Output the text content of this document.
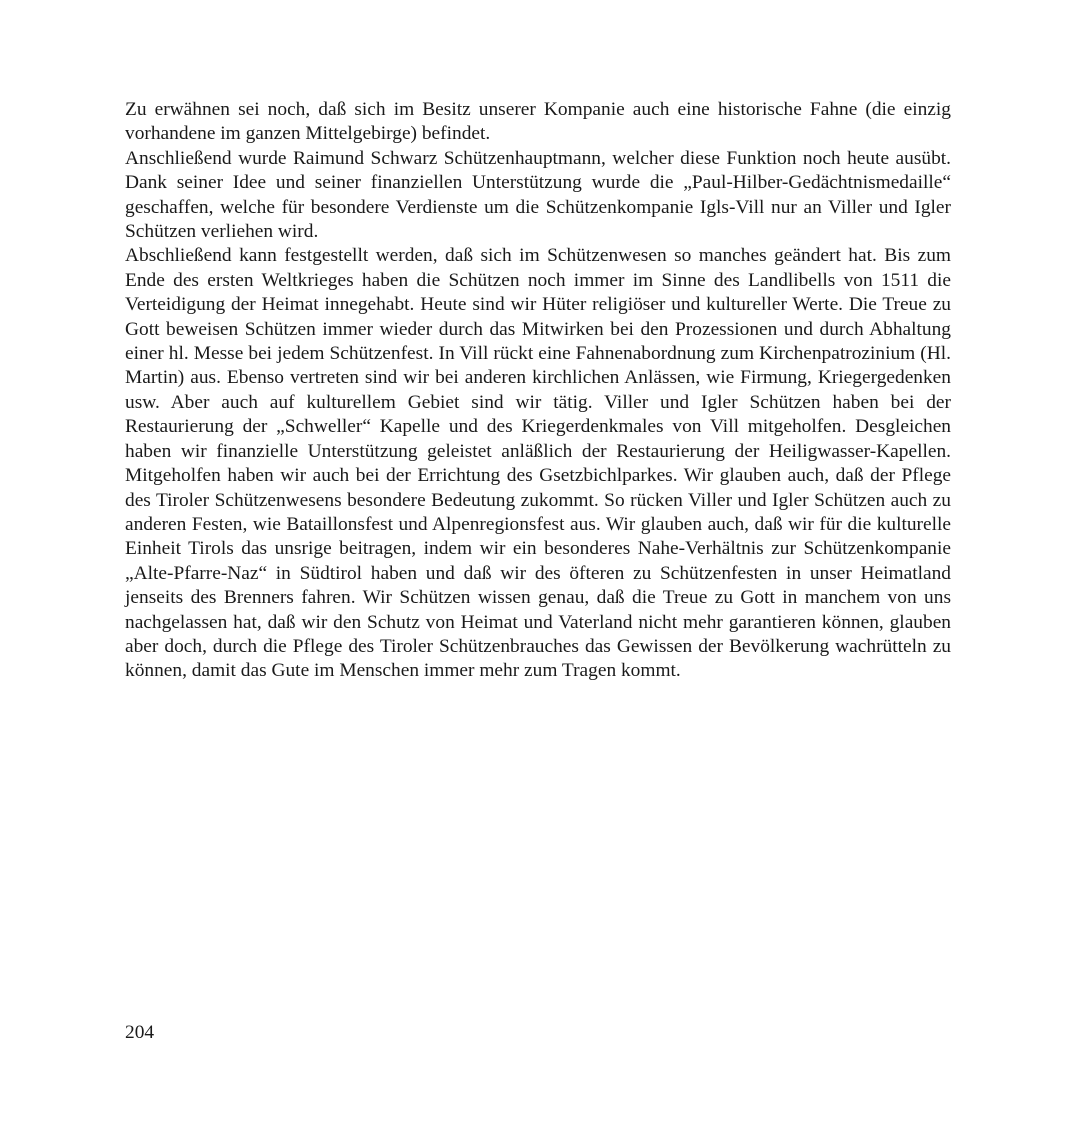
Zu erwähnen sei noch, daß sich im Besitz unserer Kompanie auch eine historische Fahne (die einzig vorhandene im ganzen Mittelgebirge) befindet.

Anschließend wurde Raimund Schwarz Schützenhauptmann, welcher diese Funktion noch heute ausübt. Dank seiner Idee und seiner finanziellen Unterstützung wurde die „Paul-Hilber-Gedächtnismedaille“ geschaffen, welche für besondere Verdienste um die Schützenkompanie Igls-Vill nur an Viller und Igler Schützen verliehen wird.

Abschließend kann festgestellt werden, daß sich im Schützenwesen so manches geändert hat. Bis zum Ende des ersten Weltkrieges haben die Schützen noch immer im Sinne des Landlibells von 1511 die Verteidigung der Heimat innegehabt. Heute sind wir Hüter religiöser und kultureller Werte. Die Treue zu Gott beweisen Schützen immer wieder durch das Mitwirken bei den Prozessionen und durch Abhaltung einer hl. Messe bei jedem Schützenfest. In Vill rückt eine Fahnenabordnung zum Kirchenpatrozinium (Hl. Martin) aus. Ebenso vertreten sind wir bei anderen kirchlichen Anlässen, wie Firmung, Kriegergedenken usw. Aber auch auf kulturellem Gebiet sind wir tätig. Viller und Igler Schützen haben bei der Restaurierung der „Schweller“ Kapelle und des Kriegerdenkmales von Vill mitgeholfen. Desgleichen haben wir finanzielle Unterstützung geleistet anläßlich der Restaurierung der Heiligwasser-Kapellen. Mitgeholfen haben wir auch bei der Errichtung des Gsetzbichlparkes. Wir glauben auch, daß der Pflege des Tiroler Schützenwesens besondere Bedeutung zukommt. So rücken Viller und Igler Schützen auch zu anderen Festen, wie Bataillonsfest und Alpenregionsfest aus. Wir glauben auch, daß wir für die kulturelle Einheit Tirols das unsrige beitragen, indem wir ein besonderes Nahe-Verhältnis zur Schützenkompanie „Alte-Pfarre-Naz“ in Südtirol haben und daß wir des öfteren zu Schützenfesten in unser Heimatland jenseits des Brenners fahren. Wir Schützen wissen genau, daß die Treue zu Gott in manchem von uns nachgelassen hat, daß wir den Schutz von Heimat und Vaterland nicht mehr garantieren können, glauben aber doch, durch die Pflege des Tiroler Schützenbrauches das Gewissen der Bevölkerung wachrütteln zu können, damit das Gute im Menschen immer mehr zum Tragen kommt.

204
